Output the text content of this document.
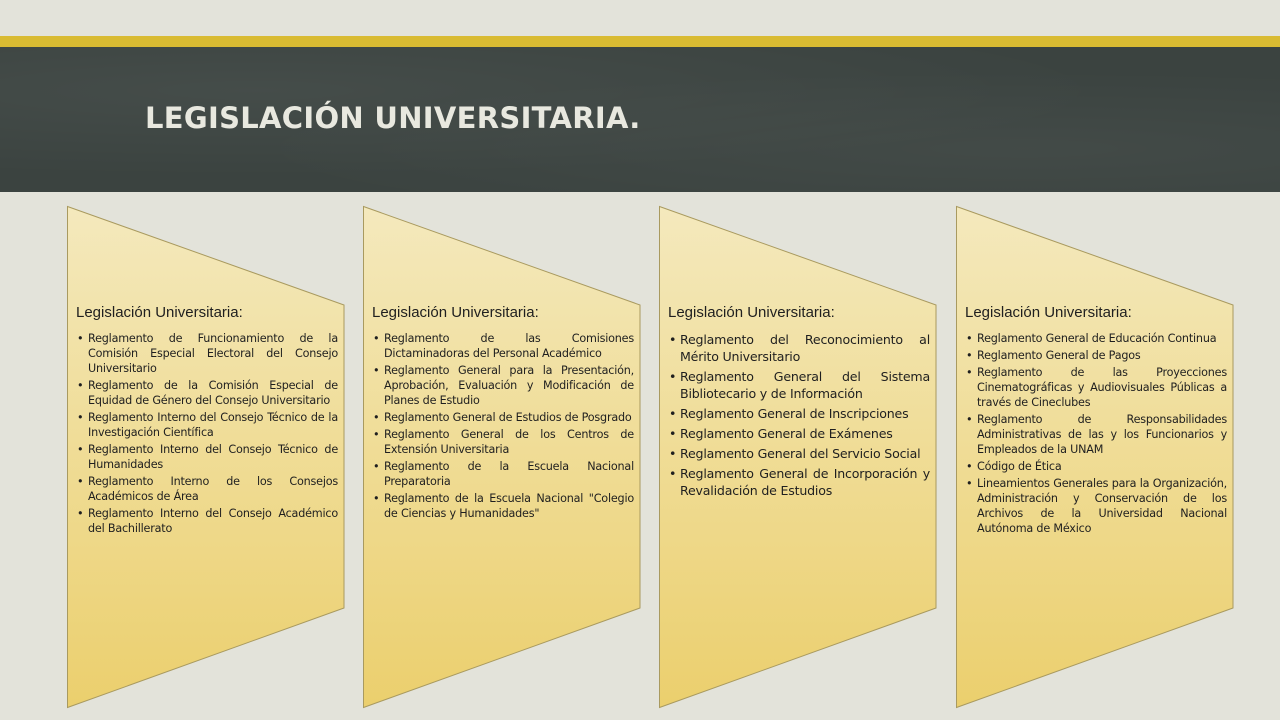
LEGISLACIÓN UNIVERSITARIA.

Legislación Universitaria:

• Reglamento de Funcionamiento de la Comisión Especial Electoral del Consejo Universitario
• Reglamento de la Comisión Especial de Equidad de Género del Consejo Universitario
• Reglamento Interno del Consejo Técnico de la Investigación Científica
• Reglamento Interno del Consejo Técnico de Humanidades
• Reglamento Interno de los Consejos Académicos de Área
• Reglamento Interno del Consejo Académico del Bachillerato

Legislación Universitaria:

• Reglamento de las Comisiones Dictaminadoras del Personal Académico
• Reglamento General para la Presentación, Aprobación, Evaluación y Modificación de Planes de Estudio
• Reglamento General de Estudios de Posgrado
• Reglamento General de los Centros de Extensión Universitaria
• Reglamento de la Escuela Nacional Preparatoria
• Reglamento de la Escuela Nacional "Colegio de Ciencias y Humanidades"

Legislación Universitaria:

• Reglamento del Reconocimiento al Mérito Universitario
• Reglamento General del Sistema Bibliotecario y de Información
• Reglamento General de Inscripciones
• Reglamento General de Exámenes
• Reglamento General del Servicio Social
• Reglamento General de Incorporación y Revalidación de Estudios

Legislación Universitaria:

• Reglamento General de Educación Continua
• Reglamento General de Pagos
• Reglamento de las Proyecciones Cinematográficas y Audiovisuales Públicas a través de Cineclubes
• Reglamento de Responsabilidades Administrativas de las y los Funcionarios y Empleados de la UNAM
• Código de Ética
• Lineamientos Generales para la Organización, Administración y Conservación de los Archivos de la Universidad Nacional Autónoma de México
